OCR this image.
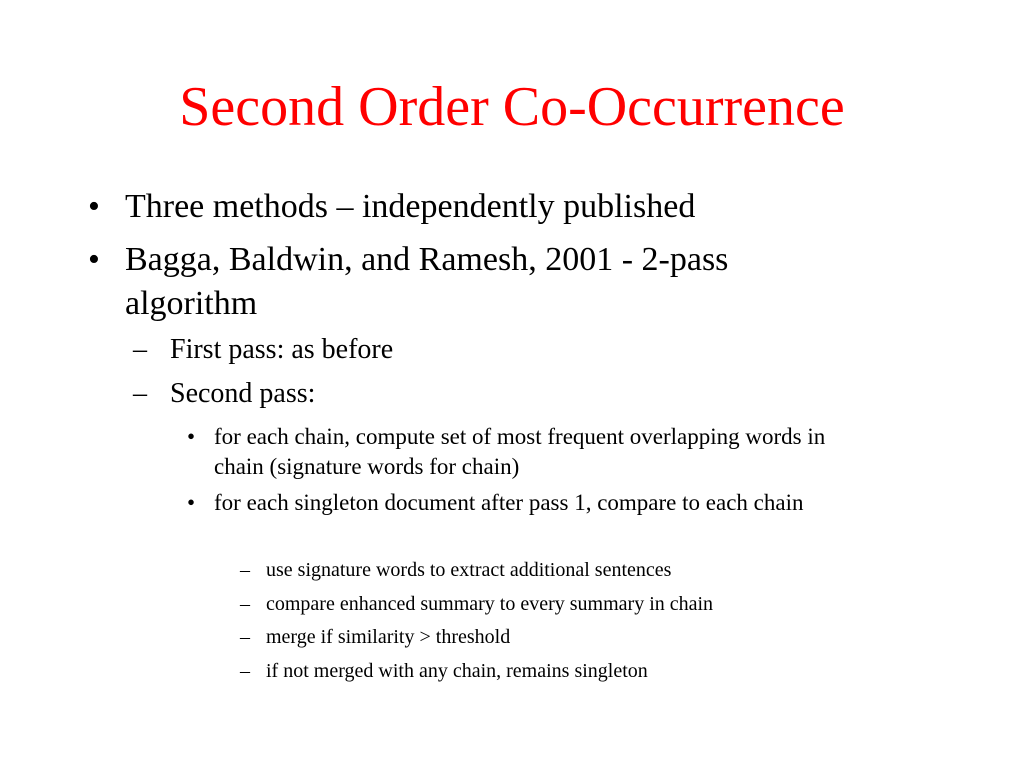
Second Order Co-Occurrence
• Three methods – independently published
• Bagga, Baldwin, and Ramesh, 2001 - 2-pass algorithm
– First pass: as before
– Second pass:
• for each chain, compute set of most frequent overlapping words in chain (signature words for chain)
• for each singleton document after pass 1, compare to each chain
– use signature words to extract additional sentences
– compare enhanced summary to every summary in chain
– merge if similarity > threshold
– if not merged with any chain, remains singleton
